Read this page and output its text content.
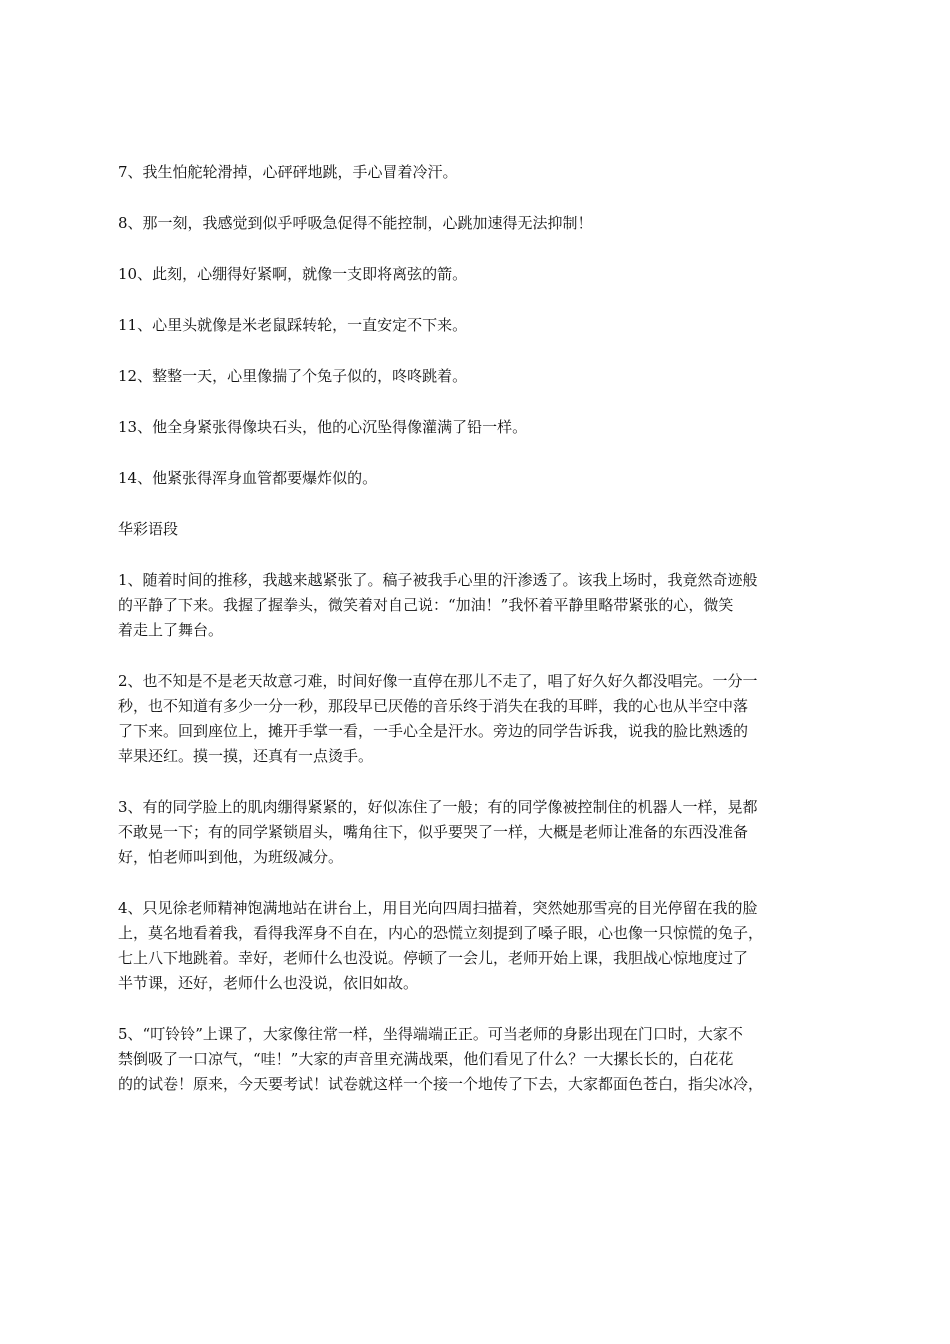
7、我生怕舵轮滑掉，心砰砰地跳，手心冒着冷汗。

8、那一刻，我感觉到似乎呼吸急促得不能控制，心跳加速得无法抑制！

10、此刻，心绷得好紧啊，就像一支即将离弦的箭。

11、心里头就像是米老鼠踩转轮，一直安定不下来。

12、整整一天，心里像揣了个兔子似的，咚咚跳着。

13、他全身紧张得像块石头，他的心沉坠得像灌满了铅一样。

14、他紧张得浑身血管都要爆炸似的。

华彩语段

1、随着时间的推移，我越来越紧张了。稿子被我手心里的汗渗透了。该我上场时，我竟然奇迹般
的平静了下来。我握了握拳头，微笑着对自己说：“加油！”我怀着平静里略带紧张的心，微笑
着走上了舞台。
2、也不知是不是老天故意刁难，时间好像一直停在那儿不走了，唱了好久好久都没唱完。一分一
秒，也不知道有多少一分一秒，那段早已厌倦的音乐终于消失在我的耳畔，我的心也从半空中落
了下来。回到座位上，摊开手掌一看，一手心全是汗水。旁边的同学告诉我，说我的脸比熟透的
苹果还红。摸一摸，还真有一点烫手。
3、有的同学脸上的肌肉绷得紧紧的，好似冻住了一般；有的同学像被控制住的机器人一样，晃都
不敢晃一下；有的同学紧锁眉头，嘴角往下，似乎要哭了一样，大概是老师让准备的东西没准备
好，怕老师叫到他，为班级减分。
4、只见徐老师精神饱满地站在讲台上，用目光向四周扫描着，突然她那雪亮的目光停留在我的脸
上，莫名地看着我，看得我浑身不自在，内心的恐慌立刻提到了嗓子眼，心也像一只惊慌的兔子，
七上八下地跳着。幸好，老师什么也没说。停顿了一会儿，老师开始上课，我胆战心惊地度过了
半节课，还好，老师什么也没说，依旧如故。
5、“叮铃铃”上课了，大家像往常一样，坐得端端正正。可当老师的身影出现在门口时，大家不
禁倒吸了一口凉气，“哇！”大家的声音里充满战栗，他们看见了什么？一大摞长长的，白花花
的的试卷！原来，今天要考试！试卷就这样一个接一个地传了下去，大家都面色苍白，指尖冰冷，
